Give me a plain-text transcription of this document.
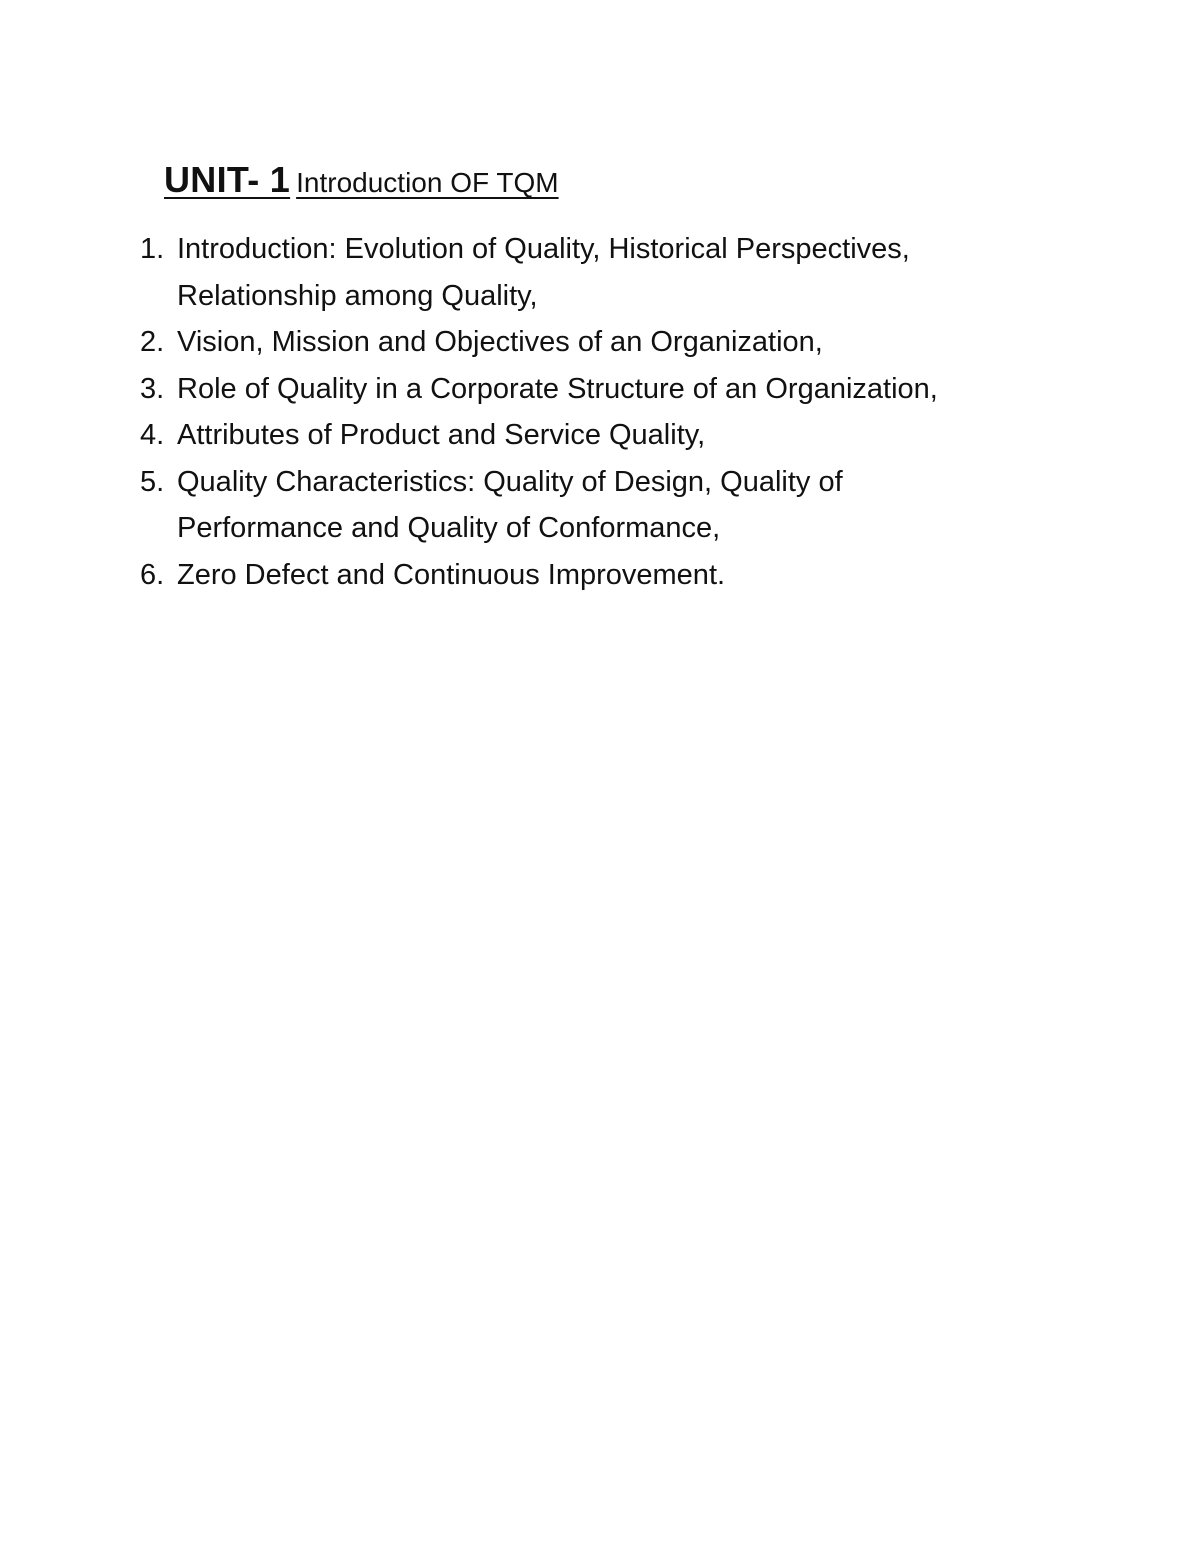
UNIT- 1 Introduction OF TQM
1. Introduction: Evolution of Quality, Historical Perspectives,
Relationship among Quality,
2. Vision, Mission and Objectives of an Organization,
3. Role of Quality in a Corporate Structure of an Organization,
4. Attributes of Product and Service Quality,
5. Quality Characteristics: Quality of Design, Quality of
Performance and Quality of Conformance,
6. Zero Defect and Continuous Improvement.
